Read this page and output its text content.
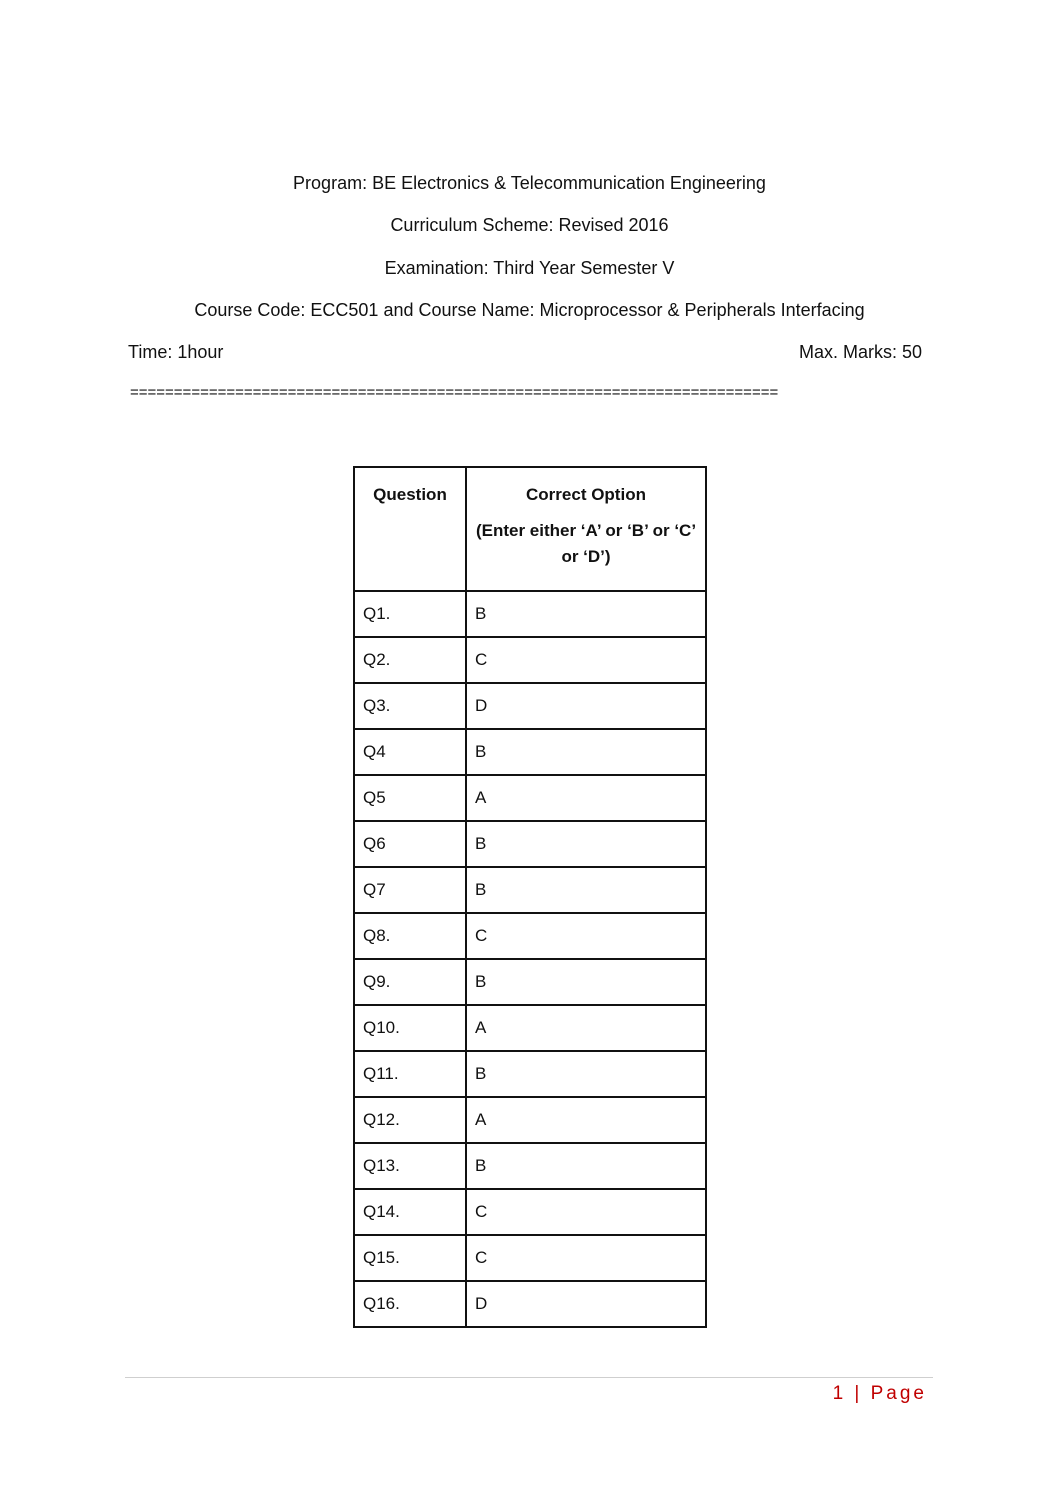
Program: BE Electronics & Telecommunication Engineering
Curriculum Scheme: Revised 2016
Examination: Third Year Semester V
Course Code: ECC501 and Course Name: Microprocessor & Peripherals Interfacing
Time: 1hour	Max. Marks: 50
==========================================================================
Question	Correct Option
(Enter either ‘A’ or ‘B’ or ‘C’ or ‘D’)

Q1.	B
Q2.	C
Q3.	D
Q4	B
Q5	A
Q6	B
Q7	B
Q8.	C
Q9.	B
Q10.	A
Q11.	B
Q12.	A
Q13.	B
Q14.	C
Q15.	C
Q16.	D
1 | Page
